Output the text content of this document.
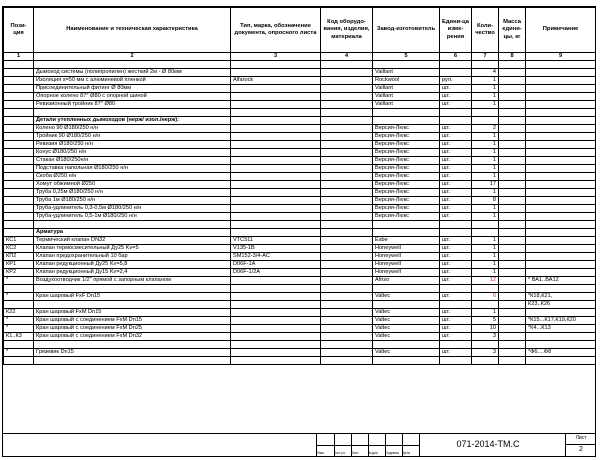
Пози- ция	Наименование и техническая характеристика	Тип, марка, обозначение документа, опросного листа	Код оборудо-вания, изделия, материала	Завод-изготовитель	Едини-ца изме-рения	Коли-чество	Масса едини-цы, кг	Примечание
1	2	3	4	5	6	7	8	9

	Дымоход системы (полипропилен) жесткий 2м - Ø 80мм			Vaillant		4		
	Изоляция s=50 мм с алюминевой пленкой	Alfarock		Rockwool	рул.	1		
	Присоединительный фитинг Ø 80мм			Vaillant	шт.	1		
	Опорное колено 87° Ø80 с опорной шиной			Vaillant	шт.	1		
	Ревизионный тройник 87° Ø80			Vaillant	шт.	1		

	Детали утепленных дымоходов (нерж/ изол./нерж):							
	Колено 90 Ø180/250 н/н			Версия-Люкс	шт.	2		
	Тройник 90 Ø180/250 н/н			Версия-Люкс	шт.	1		
	Ревизия Ø180/250 н/н			Версия-Люкс	шт.	1		
	Конус Ø180/250 н/н			Версия-Люкс	шт.	1		
	Стакан Ø180/250н/н			Версия-Люкс	шт.	1		
	Подставка напольная Ø180/250 н/н			Версия-Люкс	шт.	1		
	Скоба Ø250 н/н			Версия-Люкс	шт.	1		
	Хомут обжимной Ø250			Версия-Люкс	шт.	17		
	Труба 0,25м Ø180/250 н/н			Версия-Люкс	шт.	1		
	Труба 1м Ø180/250 н/н			Версия-Люкс	шт.	8		
	Труба-удлинитель 0,3-0,5м Ø180/250 н/н			Версия-Люкс	шт.	1		
	Труба-удлинитель 0,5-1м Ø180/250 н/н			Версия-Люкс	шт.	1		

	Арматура							
КС1	Термический клапан DN32	VTC511		Esbe	шт.	1		
КС2	Клапан термосмесительный Ду25 Kv=5	V135-1B		Honeywell	шт.	1		
КП2	Клапан предохранительный 10 бар	SM152-3/4-AC		Honeywell	шт.	1		
КР1	Клапан редукционный Ду25 Kv=5,8	D06F-1A		Honeywell	шт.	1		
КР2	Клапан редукционный Ду15 Kv=2,4	D06F-1/2A		Honeywell	шт.	1		
*	Воздухоотводчик 1/2" прямой с запорным клапаном			Afriso	шт.	12		* ВА1..ВА12

*	Кран шаровый FxF Dn15			Valtec	шт.	6		*К18,К21,
								К23..К26
К22	Кран шаровый FxM Dn15			Valtec	шт.	1		
*	Кран шаровый с соединением FxM Dn15			Valtec	шт.	5		*К15...К17,К19,К20
*	Кран шаровый с соединением FxM Dn25			Valtec	шт.	10		*К4...К13
К1..К3	Кран шаровый с соединением FxM Dn32			Valtec	шт.	3		

*	Грязевик Dn15			Valtec	шт.	3		*Ф6....Ф8

Изм.	Кол.уч. Лист	№док. Подпись Дата
071-2014-ТМ.С
Лист
2
